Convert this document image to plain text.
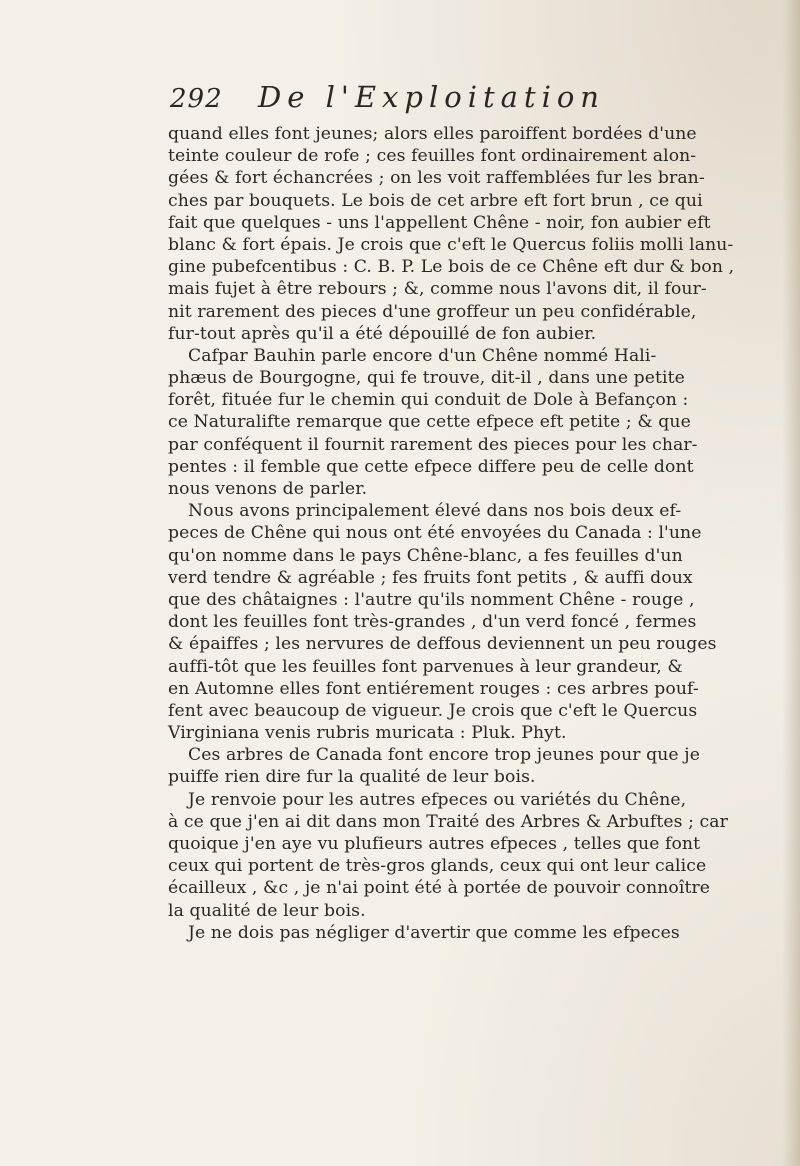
292 De l'Exploitation
quand elles font jeunes; alors elles paroiffent bordées d'une
teinte couleur de rofe ; ces feuilles font ordinairement alon-
gées & fort échancrées ; on les voit raffemblées fur les bran-
ches par bouquets. Le bois de cet arbre eft fort brun , ce qui
fait que quelques - uns l'appellent Chêne - noir, fon aubier eft
blanc & fort épais. Je crois que c'eft le Quercus foliis molli lanu-
gine pubefcentibus : C. B. P. Le bois de ce Chêne eft dur & bon ,
mais fujet à être rebours ; &, comme nous l'avons dit, il four-
nit rarement des pieces d'une groffeur un peu confidérable,
fur-tout après qu'il a été dépouillé de fon aubier.
Cafpar Bauhin parle encore d'un Chêne nommé Hali-
phæus de Bourgogne, qui fe trouve, dit-il , dans une petite
forêt, fituée fur le chemin qui conduit de Dole à Befançon :
ce Naturalifte remarque que cette efpece eft petite ; & que
par conféquent il fournit rarement des pieces pour les char-
pentes : il femble que cette efpece differe peu de celle dont
nous venons de parler.
Nous avons principalement élevé dans nos bois deux ef-
peces de Chêne qui nous ont été envoyées du Canada : l'une
qu'on nomme dans le pays Chêne-blanc, a fes feuilles d'un
verd tendre & agréable ; fes fruits font petits , & auffi doux
que des châtaignes : l'autre qu'ils nomment Chêne - rouge ,
dont les feuilles font très-grandes , d'un verd foncé , fermes
& épaiffes ; les nervures de deffous deviennent un peu rouges
auffi-tôt que les feuilles font parvenues à leur grandeur, &
en Automne elles font entiérement rouges : ces arbres pouf-
fent avec beaucoup de vigueur. Je crois que c'eft le Quercus
Virginiana venis rubris muricata : Pluk. Phyt.
Ces arbres de Canada font encore trop jeunes pour que je
puiffe rien dire fur la qualité de leur bois.
Je renvoie pour les autres efpeces ou variétés du Chêne,
à ce que j'en ai dit dans mon Traité des Arbres & Arbuftes ; car
quoique j'en aye vu plufieurs autres efpeces , telles que font
ceux qui portent de très-gros glands, ceux qui ont leur calice
écailleux , &c , je n'ai point été à portée de pouvoir connoître
la qualité de leur bois.
Je ne dois pas négliger d'avertir que comme les efpeces
